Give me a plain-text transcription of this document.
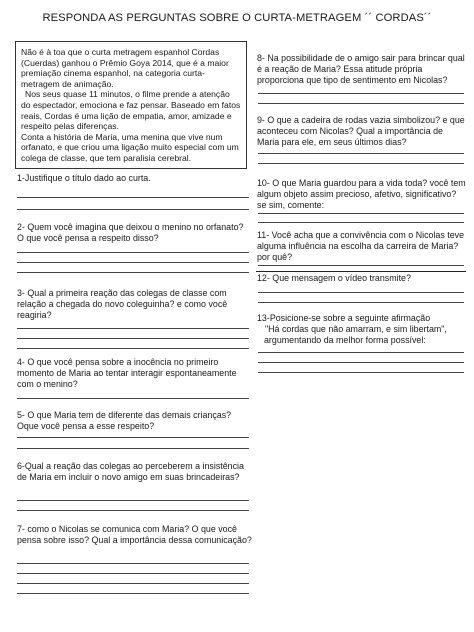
RESPONDA AS PERGUNTAS SOBRE O CURTA-METRAGEM ´´ CORDAS´´

Não é à toa que o curta metragem espanhol Cordas (Cuerdas) ganhou o Prêmio Goya 2014, que é a maior premiação cinema espanhol, na categoria curta-metragem de animação.

Nos seus quase 11 minutos, o filme prende a atenção do espectador, emociona e faz pensar. Baseado em fatos reais, Cordas é uma lição de empatia, amor, amizade e respeito pelas diferenças.

Conta a história de Maria, uma menina que vive num orfanato, e que criou uma ligação muito especial com um colega de classe, que tem paralisia cerebral.

1-Justifique o título dado ao curta.
2- Quem você imagina que deixou o menino no orfanato? O que você pensa a respeito disso?
3- Qual a primeira reação das colegas de classe com relação a chegada do novo coleguinha? e como você reagiria?
4- O que você pensa sobre a inocência no primeiro momento de Maria ao tentar interagir espontaneamente com o menino?
5- O que Maria tem de diferente das demais crianças? Oque você pensa a esse respeito?
6-Qual a reação das colegas ao perceberem a insistência de Maria em incluir o novo amigo em suas brincadeiras?
7- como o Nicolas se comunica com Maria? O que você pensa sobre isso? Qual a importância dessa comunicação?
8- Na possibilidade de o amigo sair para brincar qual é a reação de Maria? Essa atitude própria proporciona que tipo de sentimento em Nicolas?
9- O que a cadeira de rodas vazia simbolizou? e que aconteceu com Nicolas? Qual a importância de Maria para ele, em seus últimos dias?
10- O que Maria guardou para a vida toda? você tem algum objeto assim precioso, afetivo, significativo? se sim, comente:
11- Você acha que a convivência com o Nicolas teve alguma influência na escolha da carreira de Maria? por quê?
12- Que mensagem o vídeo transmite?
13-Posicione-se sobre a seguinte afirmação
"Há cordas que não amarram, e sim libertam",
argumentando da melhor forma possível:
